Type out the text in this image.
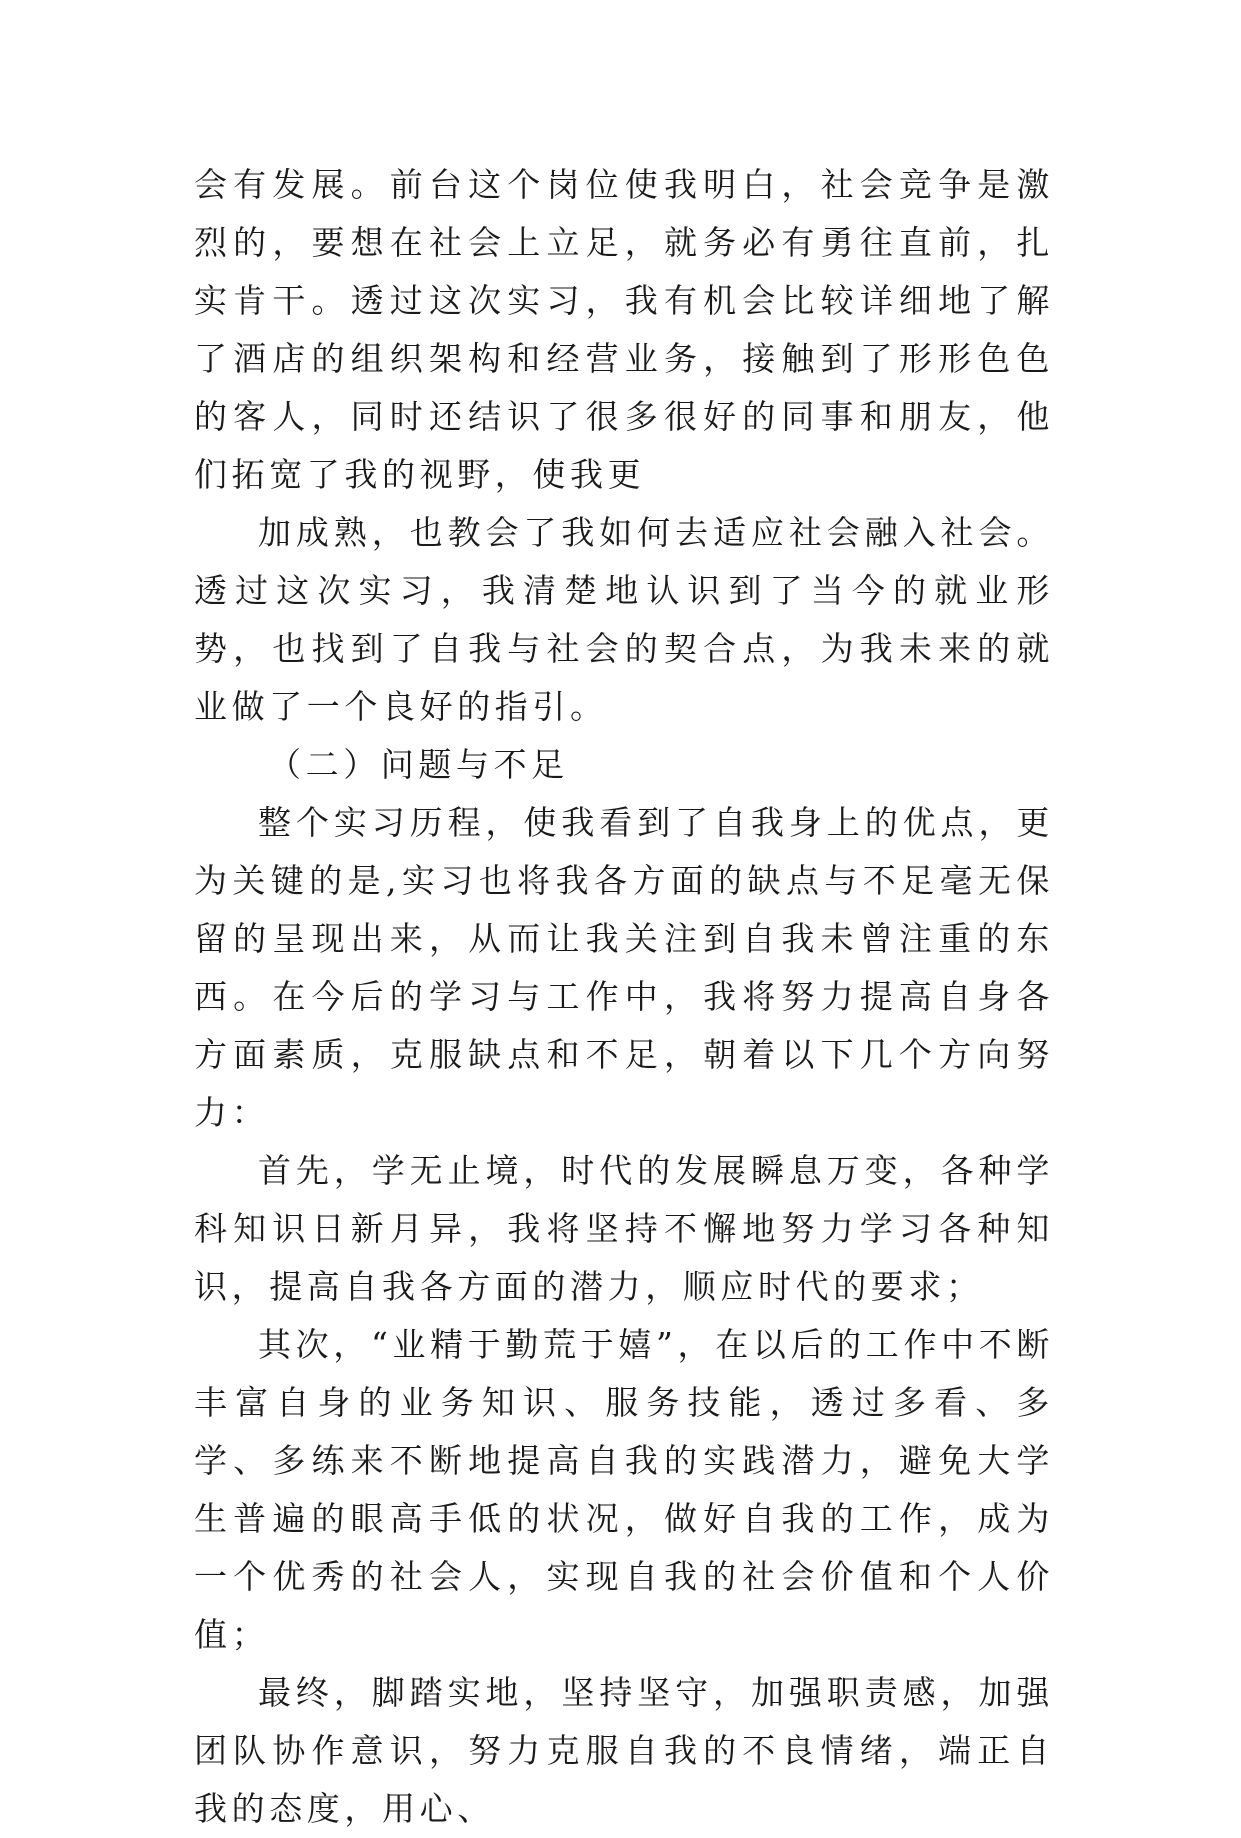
会有发展。前台这个岗位使我明白，社会竞争是激烈的，要想在社会上立足，就务必有勇往直前，扎实肯干。透过这次实习，我有机会比较详细地了解了酒店的组织架构和经营业务，接触到了形形色色的客人，同时还结识了很多很好的同事和朋友，他们拓宽了我的视野，使我更

加成熟，也教会了我如何去适应社会融入社会。透过这次实习，我清楚地认识到了当今的就业形势，也找到了自我与社会的契合点，为我未来的就业做了一个良好的指引。

（二）问题与不足

整个实习历程，使我看到了自我身上的优点，更为关键的是,实习也将我各方面的缺点与不足毫无保留的呈现出来，从而让我关注到自我未曾注重的东西。在今后的学习与工作中，我将努力提高自身各方面素质，克服缺点和不足，朝着以下几个方向努力：

首先，学无止境，时代的发展瞬息万变，各种学科知识日新月异，我将坚持不懈地努力学习各种知识，提高自我各方面的潜力，顺应时代的要求；

其次，“业精于勤荒于嬉”，在以后的工作中不断丰富自身的业务知识、服务技能，透过多看、多学、多练来不断地提高自我的实践潜力，避免大学生普遍的眼高手低的状况，做好自我的工作，成为一个优秀的社会人，实现自我的社会价值和个人价值；

最终，脚踏实地，坚持坚守，加强职责感，加强团队协作意识，努力克服自我的不良情绪，端正自我的态度，用心、
